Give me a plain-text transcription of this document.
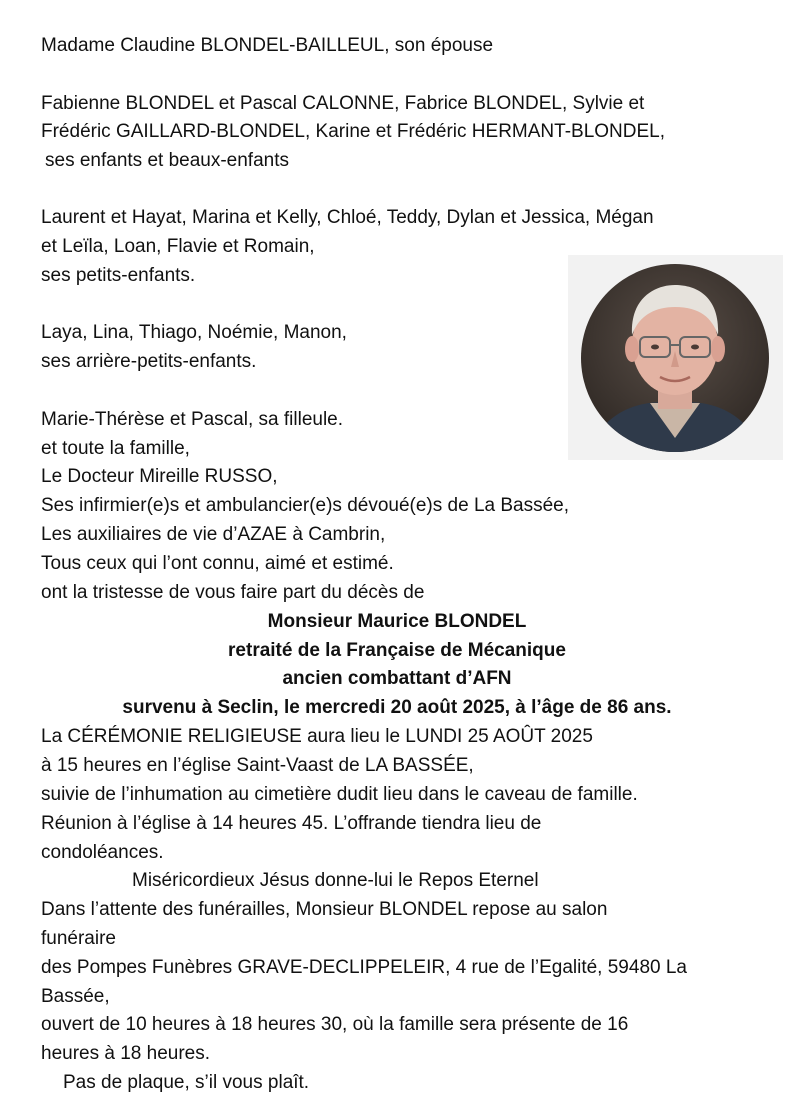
Madame Claudine BLONDEL-BAILLEUL, son épouse
Fabienne BLONDEL et Pascal CALONNE, Fabrice BLONDEL, Sylvie et
Frédéric GAILLARD-BLONDEL, Karine et Frédéric HERMANT-BLONDEL,
ses enfants et beaux-enfants
Laurent et Hayat, Marina et Kelly, Chloé, Teddy, Dylan et Jessica, Mégan
et Leïla, Loan, Flavie et Romain,
ses petits-enfants.
Laya, Lina, Thiago, Noémie, Manon,
ses arrière-petits-enfants.
Marie-Thérèse et Pascal, sa filleule.
et toute la famille,
Le Docteur Mireille RUSSO,
Ses infirmier(e)s et ambulancier(e)s dévoué(e)s de La Bassée,
Les auxiliaires de vie d’AZAE à Cambrin,
Tous ceux qui l’ont connu, aimé et estimé.
ont la tristesse de vous faire part du décès de
Monsieur Maurice BLONDEL
retraité de la Française de Mécanique
ancien combattant d’AFN
survenu à Seclin, le mercredi 20 août 2025, à l’âge de 86 ans.
La CÉRÉMONIE RELIGIEUSE aura lieu le LUNDI 25 AOÛT 2025
à 15 heures en l’église Saint-Vaast de LA BASSÉE,
suivie de l’inhumation au cimetière dudit lieu dans le caveau de famille.
Réunion à l’église à 14 heures 45. L’offrande tiendra lieu de
condoléances.
Miséricordieux Jésus donne-lui le Repos Eternel
Dans l’attente des funérailles, Monsieur BLONDEL repose au salon
funéraire
des Pompes Funèbres GRAVE-DECLIPPELEIR, 4 rue de l’Egalité, 59480 La
Bassée,
ouvert de 10 heures à 18 heures 30, où la famille sera présente de 16
heures à 18 heures.
Pas de plaque, s’il vous plaît.
